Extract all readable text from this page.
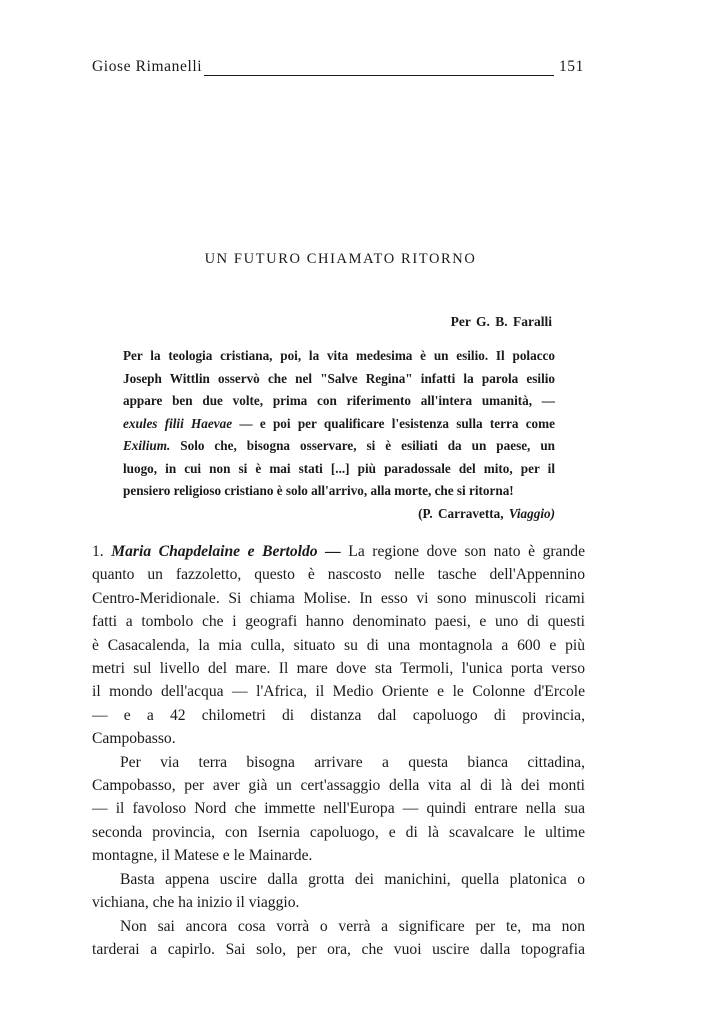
Giose Rimanelli	151
UN FUTURO CHIAMATO RITORNO
Per G. B. Faralli

Per la teologia cristiana, poi, la vita medesima è un esilio. Il polacco

Joseph Wittlin osservò che nel "Salve Regina" infatti la parola esilio

appare ben due volte, prima con riferimento all'intera umanità, —

exules filii Haevae — e poi per qualificare l'esistenza sulla terra come

Exilium. Solo che, bisogna osservare, si è esiliati da un paese, un

luogo, in cui non si è mai stati [...] più paradossale del mito, per il

pensiero religioso cristiano è solo all'arrivo, alla morte, che si ritorna!

(P. Carravetta, Viaggio)

1. Maria Chapdelaine e Bertoldo — La regione dove son nato è grande

quanto un fazzoletto, questo è nascosto nelle tasche dell'Appennino

Centro-Meridionale. Si chiama Molise. In esso vi sono minuscoli ricami

fatti a tombolo che i geografi hanno denominato paesi, e uno di questi

è Casacalenda, la mia culla, situato su di una montagnola a 600 e più

metri sul livello del mare. Il mare dove sta Termoli, l'unica porta verso

il mondo dell'acqua — l'Africa, il Medio Oriente e le Colonne d'Ercole

— e a 42 chilometri di distanza dal capoluogo di provincia,

Campobasso.

Per via terra bisogna arrivare a questa bianca cittadina,

Campobasso, per aver già un cert'assaggio della vita al di là dei monti

— il favoloso Nord che immette nell'Europa — quindi entrare nella sua

seconda provincia, con Isernia capoluogo, e di là scavalcare le ultime

montagne, il Matese e le Mainarde.

Basta appena uscire dalla grotta dei manichini, quella platonica o

vichiana, che ha inizio il viaggio.

Non sai ancora cosa vorrà o verrà a significare per te, ma non

tarderai a capirlo. Sai solo, per ora, che vuoi uscire dalla topografia
